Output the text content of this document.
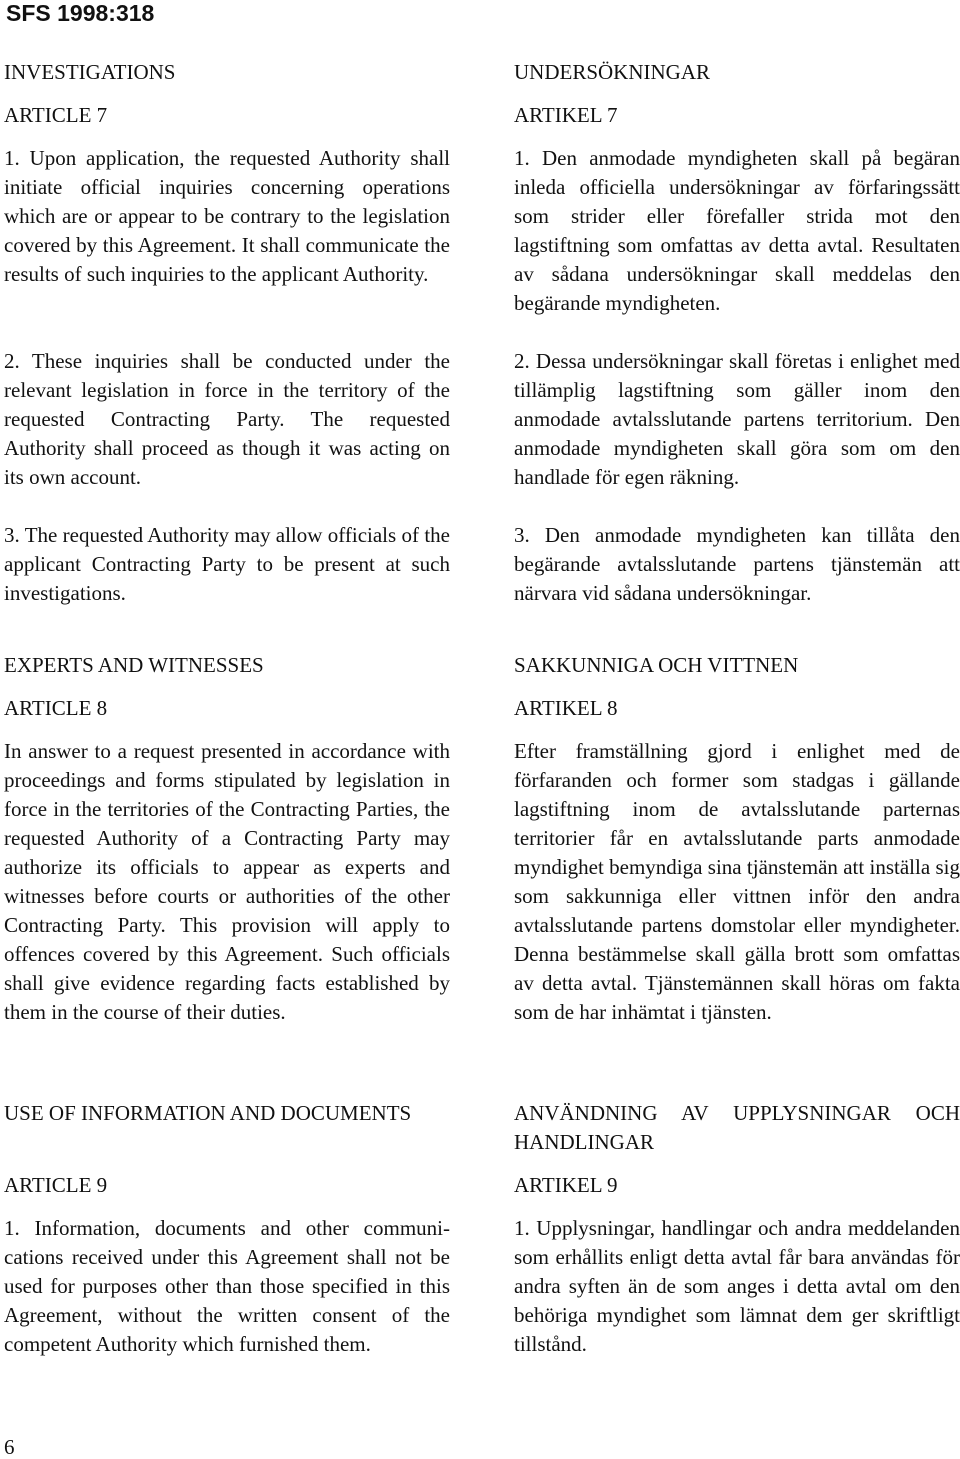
SFS 1998:318
INVESTIGATIONS
ARTICLE 7
1. Upon application, the requested Authority shall initiate official inquiries concerning operations which are or appear to be contrary to the legislation covered by this Agreement. It shall communicate the results of such inquiries to the applicant Authority.
2. These inquiries shall be conducted under the relevant legislation in force in the territory of the requested Contracting Party. The requested Authority shall proceed as though it was acting on its own account.
3. The requested Authority may allow officials of the applicant Contracting Party to be present at such investigations.
EXPERTS AND WITNESSES
ARTICLE 8
In answer to a request presented in accordance with proceedings and forms stipulated by legislation in force in the territories of the Contracting Parties, the requested Authority of a Contracting Party may authorize its officials to appear as experts and witnesses before courts or authorities of the other Contracting Party. This provision will apply to offences covered by this Agreement. Such officials shall give evidence regarding facts established by them in the course of their duties.
USE OF INFORMATION AND DOCUMENTS
ARTICLE 9
1. Information, documents and other communications received under this Agreement shall not be used for purposes other than those specified in this Agreement, without the written consent of the competent Authority which furnished them.
UNDERSÖKNINGAR
ARTIKEL 7
1. Den anmodade myndigheten skall på begäran inleda officiella undersökningar av förfaringssätt som strider eller förefaller strida mot den lagstiftning som omfattas av detta avtal. Resultaten av sådana undersökningar skall meddelas den begärande myndigheten.
2. Dessa undersökningar skall företas i enlighet med tillämplig lagstiftning som gäller inom den anmodade avtalsslutande partens territorium. Den anmodade myndigheten skall göra som om den handlade för egen räkning.
3. Den anmodade myndigheten kan tillåta den begärande avtalsslutande partens tjänstemän att närvara vid sådana undersökningar.
SAKKUNNIGA OCH VITTNEN
ARTIKEL 8
Efter framställning gjord i enlighet med de förfaranden och former som stadgas i gällande lagstiftning inom de avtalsslutande parternas territorier får en avtalsslutande parts anmodade myndighet bemyndiga sina tjänstemän att inställa sig som sakkunniga eller vittnen inför den andra avtalsslutande partens domstolar eller myndigheter. Denna bestämmelse skall gälla brott som omfattas av detta avtal. Tjänstemännen skall höras om fakta som de har inhämtat i tjänsten.
ANVÄNDNING AV UPPLYSNINGAR OCH HANDLINGAR
ARTIKEL 9
1. Upplysningar, handlingar och andra meddelanden som erhållits enligt detta avtal får bara användas för andra syften än de som anges i detta avtal om den behöriga myndighet som lämnat dem ger skriftligt tillstånd.
6
